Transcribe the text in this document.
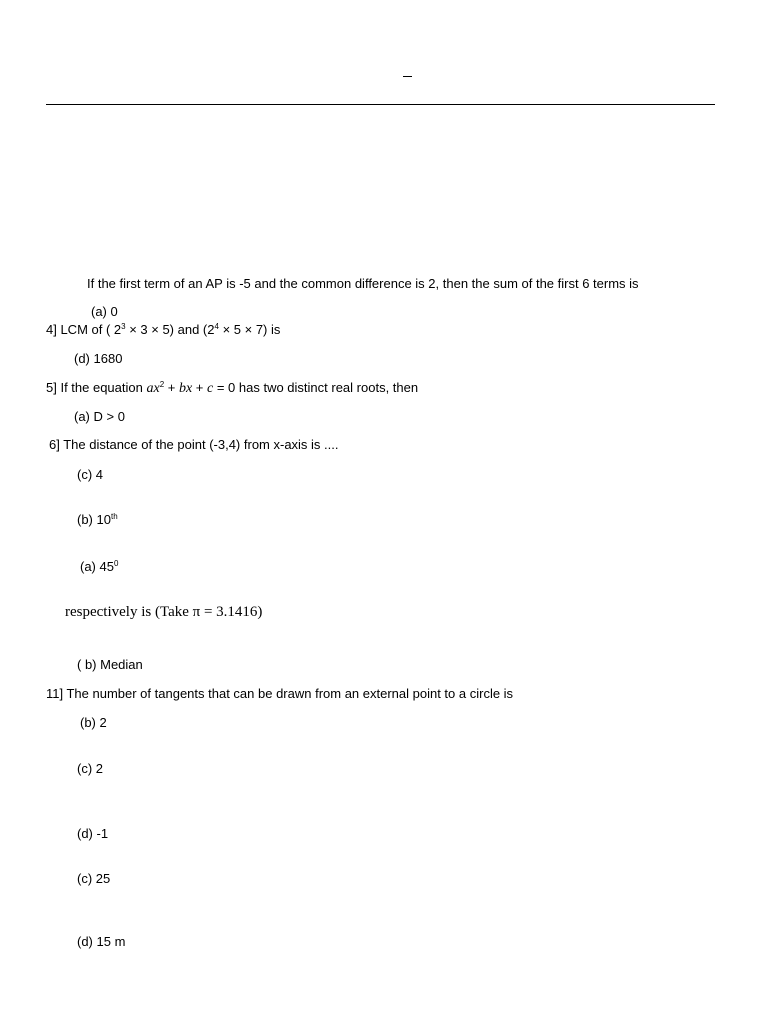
If the first term of an AP is -5 and the common difference is 2, then the sum of the first 6 terms is
(a) 0
4] LCM of ( $2^3 \times 3 \times 5$) and $(2^4 \times 5 \times 7)$ is
(d) 1680
5] If the equation $ax^2$ + bx + c = 0 has two distinct real roots, then
(a) D > 0
6] The distance of the point (-3,4) from x-axis is ....
(c) 4
(b) 10th
(a) $45^0$
respectively is (Take π = 3.1416)
( b) Median
11] The number of tangents that can be drawn from an external point to a circle is
(b) 2
(c) 2
(d) -1
(c) 25
(d) 15 m
